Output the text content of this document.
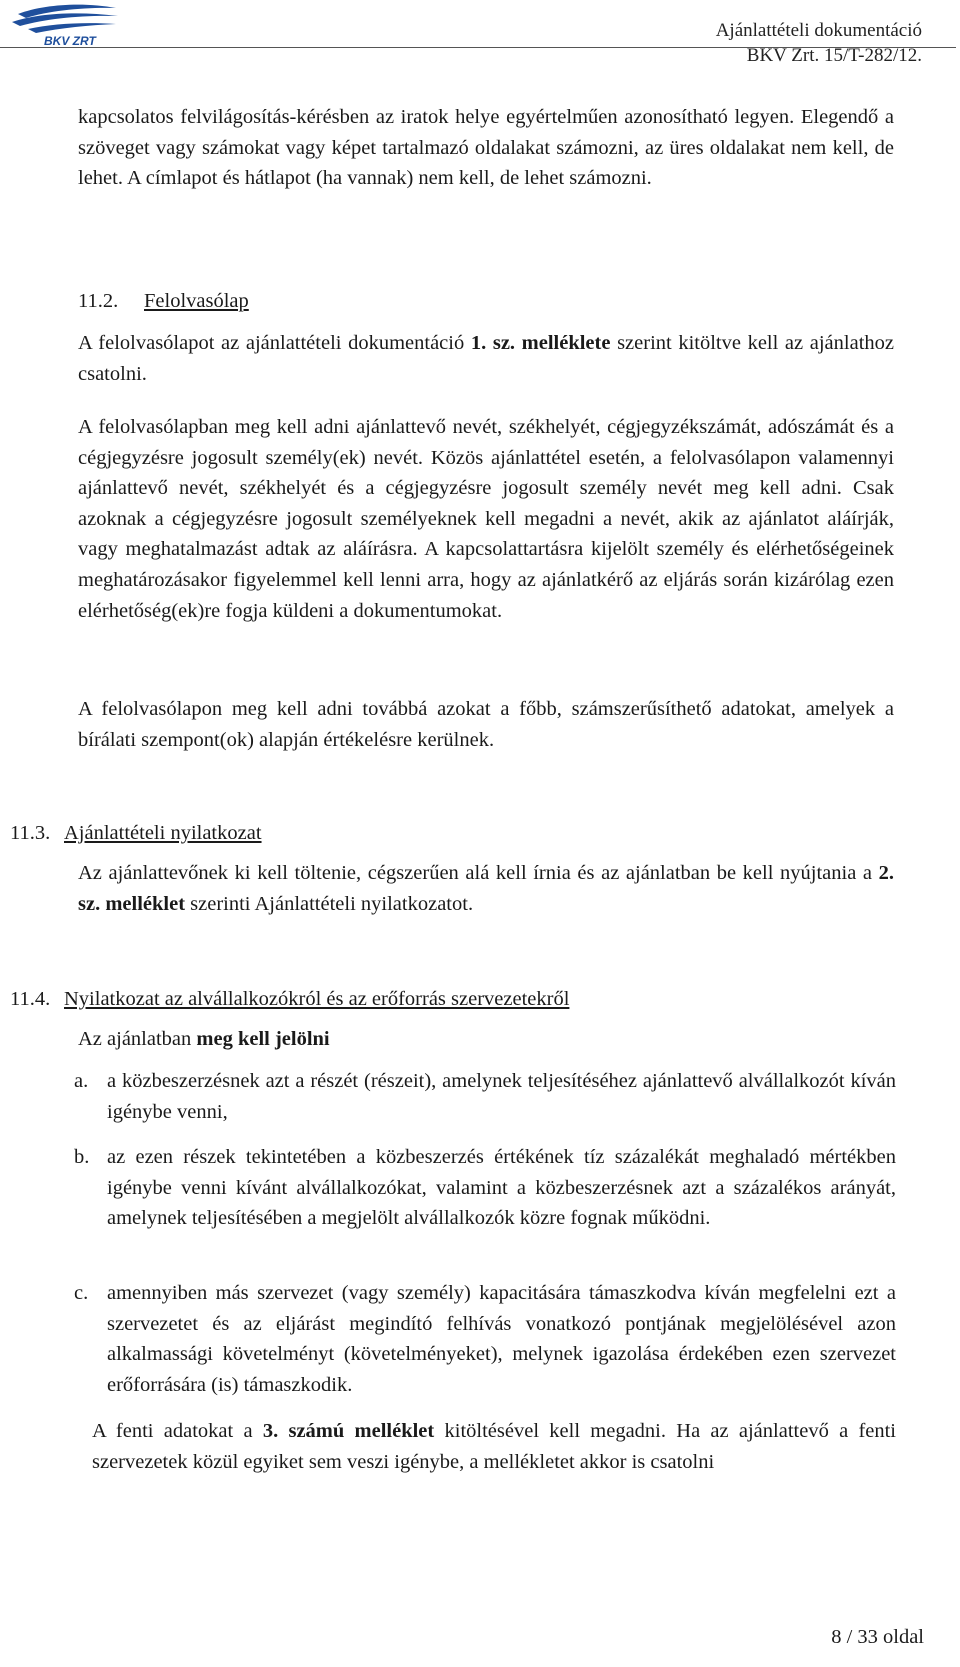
BKV ZRT	Ajánlattételi dokumentáció
BKV Zrt. 15/T-282/12.

kapcsolatos felvilágosítás-kérésben az iratok helye egyértelműen azonosítható legyen. Elegendő a szöveget vagy számokat vagy képet tartalmazó oldalakat számozni, az üres oldalakat nem kell, de lehet. A címlapot és hátlapot (ha vannak) nem kell, de lehet számozni.

11.2. Felolvasólap

A felolvasólapot az ajánlattételi dokumentáció 1. sz. melléklete szerint kitöltve kell az ajánlathoz csatolni.

A felolvasólapban meg kell adni ajánlattevő nevét, székhelyét, cégjegyzékszámát, adószámát és a cégjegyzésre jogosult személy(ek) nevét. Közös ajánlattétel esetén, a felolvasólapon valamennyi ajánlattevő nevét, székhelyét és a cégjegyzésre jogosult személy nevét meg kell adni. Csak azoknak a cégjegyzésre jogosult személyeknek kell megadni a nevét, akik az ajánlatot aláírják, vagy meghatalmazást adtak az aláírásra. A kapcsolattartásra kijelölt személy és elérhetőségeinek meghatározásakor figyelemmel kell lenni arra, hogy az ajánlatkérő az eljárás során kizárólag ezen elérhetőség(ek)re fogja küldeni a dokumentumokat.

A felolvasólapon meg kell adni továbbá azokat a főbb, számszerűsíthető adatokat, amelyek a bírálati szempont(ok) alapján értékelésre kerülnek.

11.3. Ajánlattételi nyilatkozat

Az ajánlattevőnek ki kell töltenie, cégszerűen alá kell írnia és az ajánlatban be kell nyújtania a 2. sz. melléklet szerinti Ajánlattételi nyilatkozatot.

11.4. Nyilatkozat az alvállalkozókról és az erőforrás szervezetekről

Az ajánlatban meg kell jelölni

a. a közbeszerzésnek azt a részét (részeit), amelynek teljesítéséhez ajánlattevő alvállalkozót kíván igénybe venni,
b. az ezen részek tekintetében a közbeszerzés értékének tíz százalékát meghaladó mértékben igénybe venni kívánt alvállalkozókat, valamint a közbeszerzésnek azt a százalékos arányát, amelynek teljesítésében a megjelölt alvállalkozók közre fognak működni.
c. amennyiben más szervezet (vagy személy) kapacitására támaszkodva kíván megfelelni ezt a szervezetet és az eljárást megindító felhívás vonatkozó pontjának megjelölésével azon alkalmassági követelményt (követelményeket), melynek igazolása érdekében ezen szervezet erőforrására (is) támaszkodik.

A fenti adatokat a 3. számú melléklet kitöltésével kell megadni. Ha az ajánlattevő a fenti szervezetek közül egyiket sem veszi igénybe, a mellékletet akkor is csatolni

8 / 33 oldal
